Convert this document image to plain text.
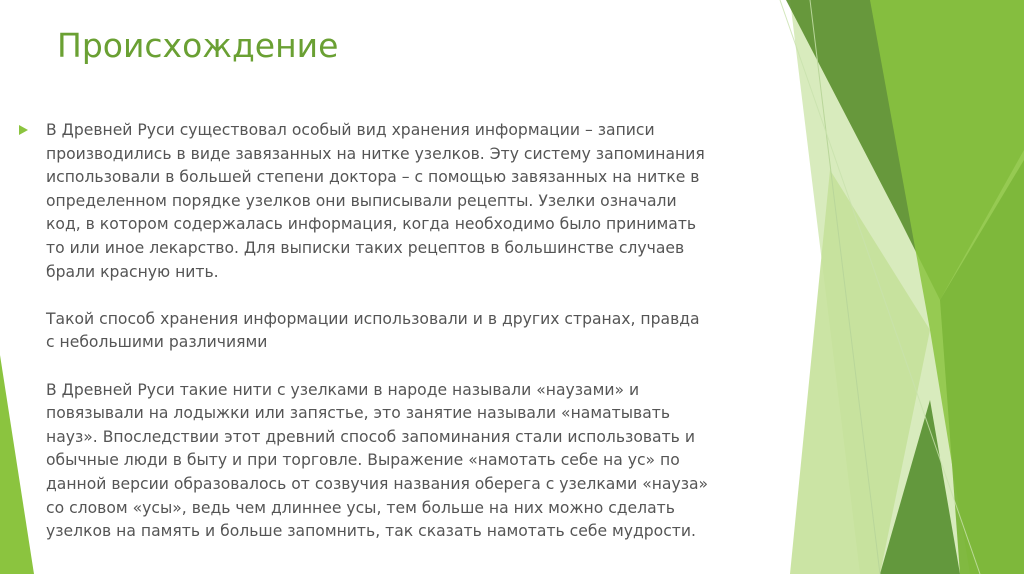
Происхождение

В Древней Руси существовал особый вид хранения информации – записи
производились в виде завязанных на нитке узелков. Эту систему запоминания
использовали в большей степени доктора – с помощью завязанных на нитке в
определенном порядке узелков они выписывали рецепты. Узелки означали
код, в котором содержалась информация, когда необходимо было принимать
то или иное лекарство. Для выписки таких рецептов в большинстве случаев
брали красную нить.

Такой способ хранения информации использовали и в других странах, правда
с небольшими различиями

В Древней Руси такие нити с узелками в народе называли «наузами» и
повязывали на лодыжки или запястье, это занятие называли «наматывать
науз». Впоследствии этот древний способ запоминания стали использовать и
обычные люди в быту и при торговле. Выражение «намотать себе на ус» по
данной версии образовалось от созвучия названия оберега с узелками «науза»
со словом «усы», ведь чем длиннее усы, тем больше на них можно сделать
узелков на память и больше запомнить, так сказать намотать себе мудрости.
